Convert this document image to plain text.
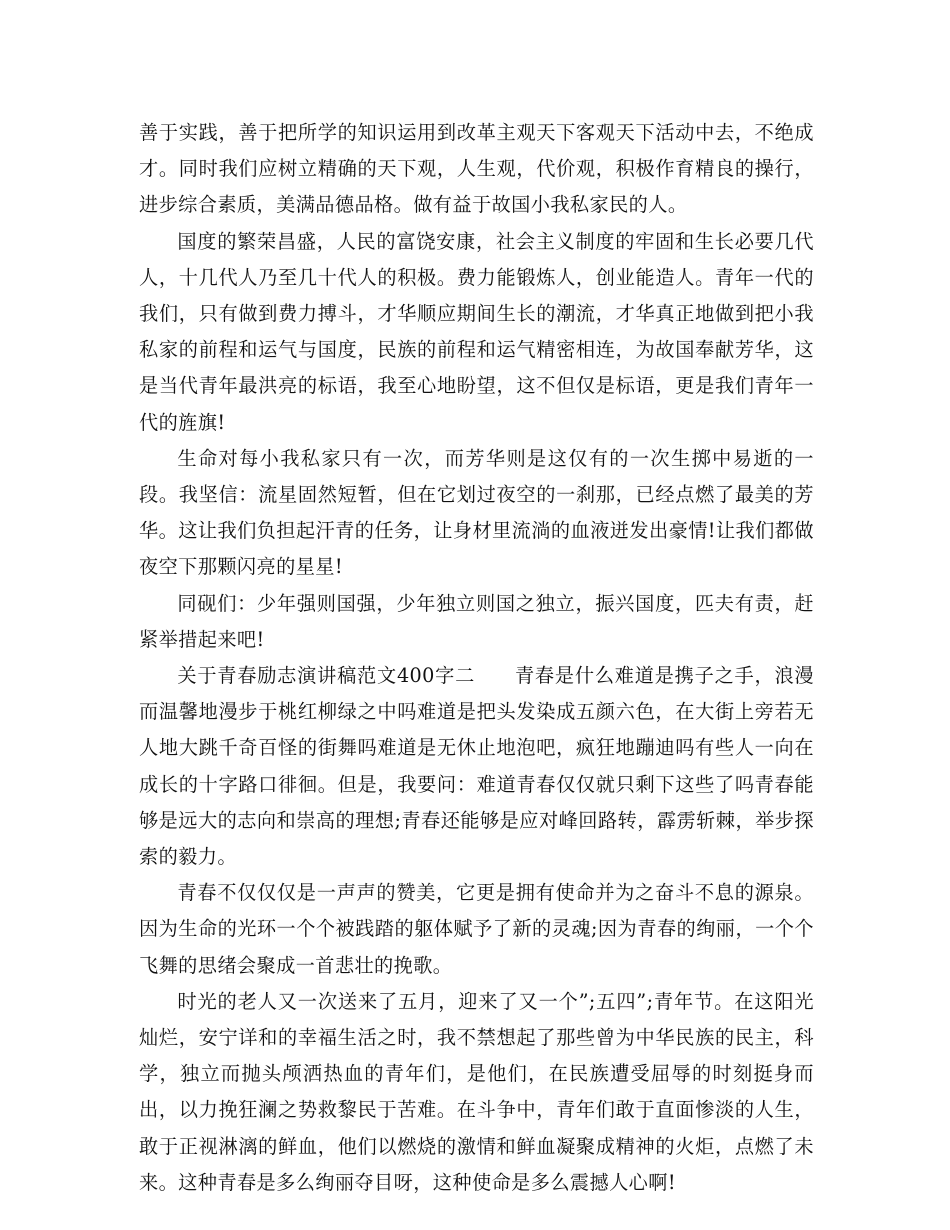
善于实践，善于把所学的知识运用到改革主观天下客观天下活动中去，不绝成才。同时我们应树立精确的天下观，人生观，代价观，积极作育精良的操行，进步综合素质，美满品德品格。做有益于故国小我私家民的人。

国度的繁荣昌盛，人民的富饶安康，社会主义制度的牢固和生长必要几代人，十几代人乃至几十代人的积极。费力能锻炼人，创业能造人。青年一代的我们，只有做到费力搏斗，才华顺应期间生长的潮流，才华真正地做到把小我私家的前程和运气与国度，民族的前程和运气精密相连，为故国奉献芳华，这是当代青年最洪亮的标语，我至心地盼望，这不但仅是标语，更是我们青年一代的旌旗!

生命对每小我私家只有一次，而芳华则是这仅有的一次生掷中易逝的一段。我坚信：流星固然短暂，但在它划过夜空的一刹那，已经点燃了最美的芳华。这让我们负担起汗青的任务，让身材里流淌的血液迸发出豪情!让我们都做夜空下那颗闪亮的星星!

同砚们：少年强则国强，少年独立则国之独立，振兴国度，匹夫有责，赶紧举措起来吧!

关于青春励志演讲稿范文400字二　　青春是什么难道是携子之手，浪漫而温馨地漫步于桃红柳绿之中吗难道是把头发染成五颜六色，在大街上旁若无人地大跳千奇百怪的街舞吗难道是无休止地泡吧，疯狂地蹦迪吗有些人一向在成长的十字路口徘徊。但是，我要问：难道青春仅仅就只剩下这些了吗青春能够是远大的志向和崇高的理想;青春还能够是应对峰回路转，霹雳斩棘，举步探索的毅力。

青春不仅仅仅是一声声的赞美，它更是拥有使命并为之奋斗不息的源泉。因为生命的光环一个个被践踏的躯体赋予了新的灵魂;因为青春的绚丽，一个个飞舞的思绪会聚成一首悲壮的挽歌。

时光的老人又一次送来了五月，迎来了又一个”;五四”;青年节。在这阳光灿烂，安宁详和的幸福生活之时，我不禁想起了那些曾为中华民族的民主，科学，独立而抛头颅洒热血的青年们，是他们，在民族遭受屈辱的时刻挺身而出，以力挽狂澜之势救黎民于苦难。在斗争中，青年们敢于直面惨淡的人生，敢于正视淋漓的鲜血，他们以燃烧的激情和鲜血凝聚成精神的火炬，点燃了未来。这种青春是多么绚丽夺目呀，这种使命是多么震撼人心啊!
